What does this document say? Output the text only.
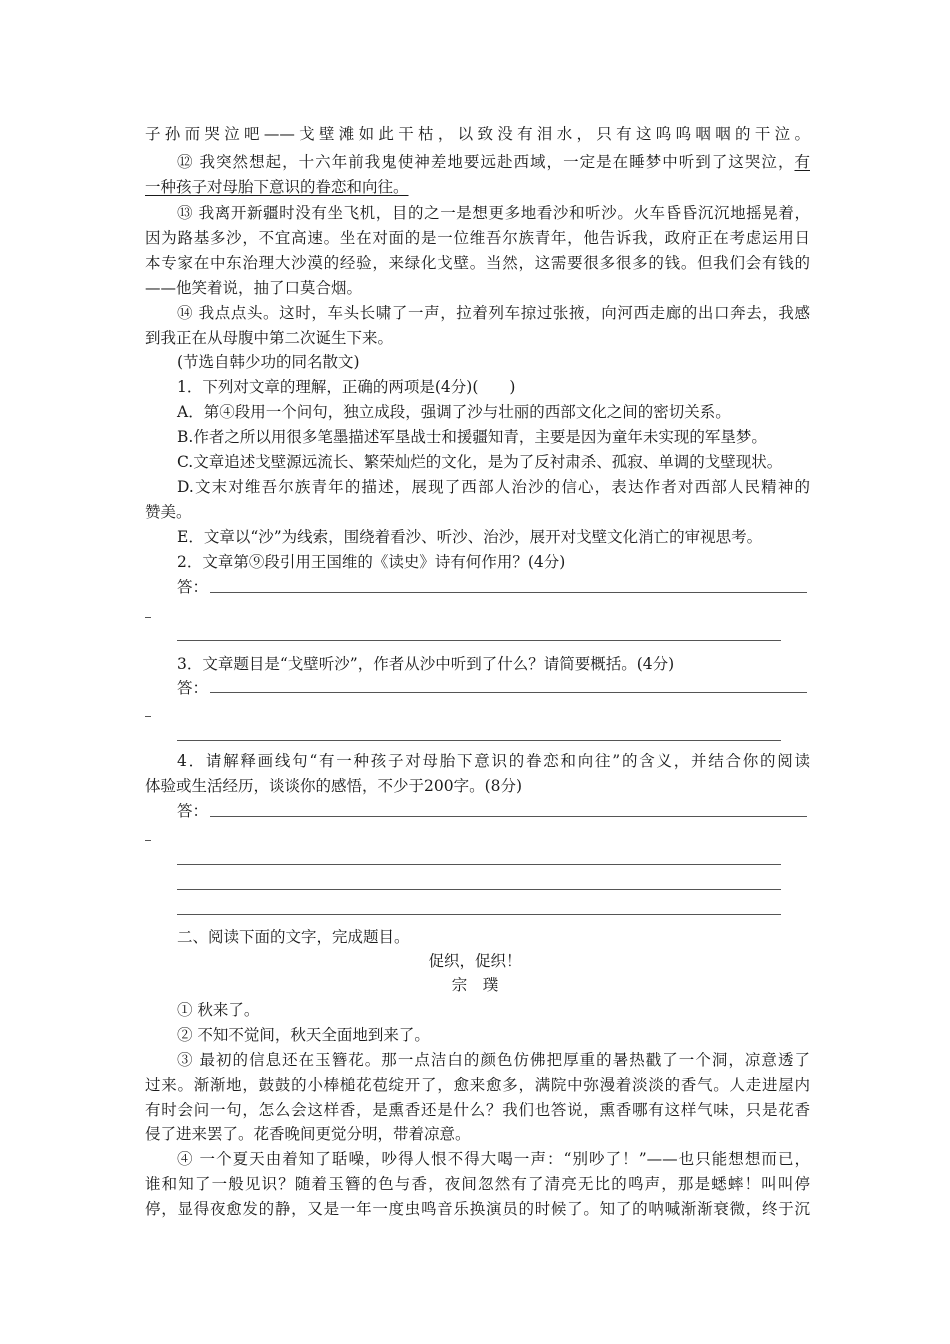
子孙而哭泣吧——戈壁滩如此干枯，以致没有泪水，只有这呜呜咽咽的干泣。
⑫ 我突然想起，十六年前我鬼使神差地要远赴西域，一定是在睡梦中听到了这哭泣，有
一种孩子对母胎下意识的眷恋和向往。
⑬ 我离开新疆时没有坐飞机，目的之一是想更多地看沙和听沙。火车昏昏沉沉地摇晃着，
因为路基多沙，不宜高速。坐在对面的是一位维吾尔族青年，他告诉我，政府正在考虑运用日
本专家在中东治理大沙漠的经验，来绿化戈壁。当然，这需要很多很多的钱。但我们会有钱的
——他笑着说，抽了口莫合烟。
⑭ 我点点头。这时，车头长啸了一声，拉着列车掠过张掖，向河西走廊的出口奔去，我感
到我正在从母腹中第二次诞生下来。
(节选自韩少功的同名散文)
1．下列对文章的理解，正确的两项是(4分)(　　)
A．第④段用一个问句，独立成段，强调了沙与壮丽的西部文化之间的密切关系。
B.作者之所以用很多笔墨描述军垦战士和援疆知青，主要是因为童年未实现的军垦梦。
C.文章追述戈壁源远流长、繁荣灿烂的文化，是为了反衬肃杀、孤寂、单调的戈壁现状。
D.文末对维吾尔族青年的描述，展现了西部人治沙的信心，表达作者对西部人民精神的
赞美。
E．文章以“沙”为线索，围绕着看沙、听沙、治沙，展开对戈壁文化消亡的审视思考。
2．文章第⑨段引用王国维的《读史》诗有何作用？(4分)
答：
3．文章题目是“戈壁听沙”，作者从沙中听到了什么？请简要概括。(4分)
答：
4．请解释画线句“有一种孩子对母胎下意识的眷恋和向往”的含义，并结合你的阅读
体验或生活经历，谈谈你的感悟，不少于200字。(8分)
答：
二、阅读下面的文字，完成题目。
促织，促织！
宗　璞
① 秋来了。
② 不知不觉间，秋天全面地到来了。
③ 最初的信息还在玉簪花。那一点洁白的颜色仿佛把厚重的暑热戳了一个洞，凉意透了
过来。渐渐地，鼓鼓的小棒槌花苞绽开了，愈来愈多，满院中弥漫着淡淡的香气。人走进屋内
有时会问一句，怎么会这样香，是熏香还是什么？我们也答说，熏香哪有这样气味，只是花香
侵了进来罢了。花香晚间更觉分明，带着凉意。
④ 一个夏天由着知了聒噪，吵得人恨不得大喝一声：“别吵了！”——也只能想想而已，
谁和知了一般见识？随着玉簪的色与香，夜间忽然有了清亮无比的鸣声，那是蟋蟀！叫叫停
停，显得夜愈发的静，又是一年一度虫鸣音乐换演员的时候了。知了的呐喊渐渐衰微，终于沉
